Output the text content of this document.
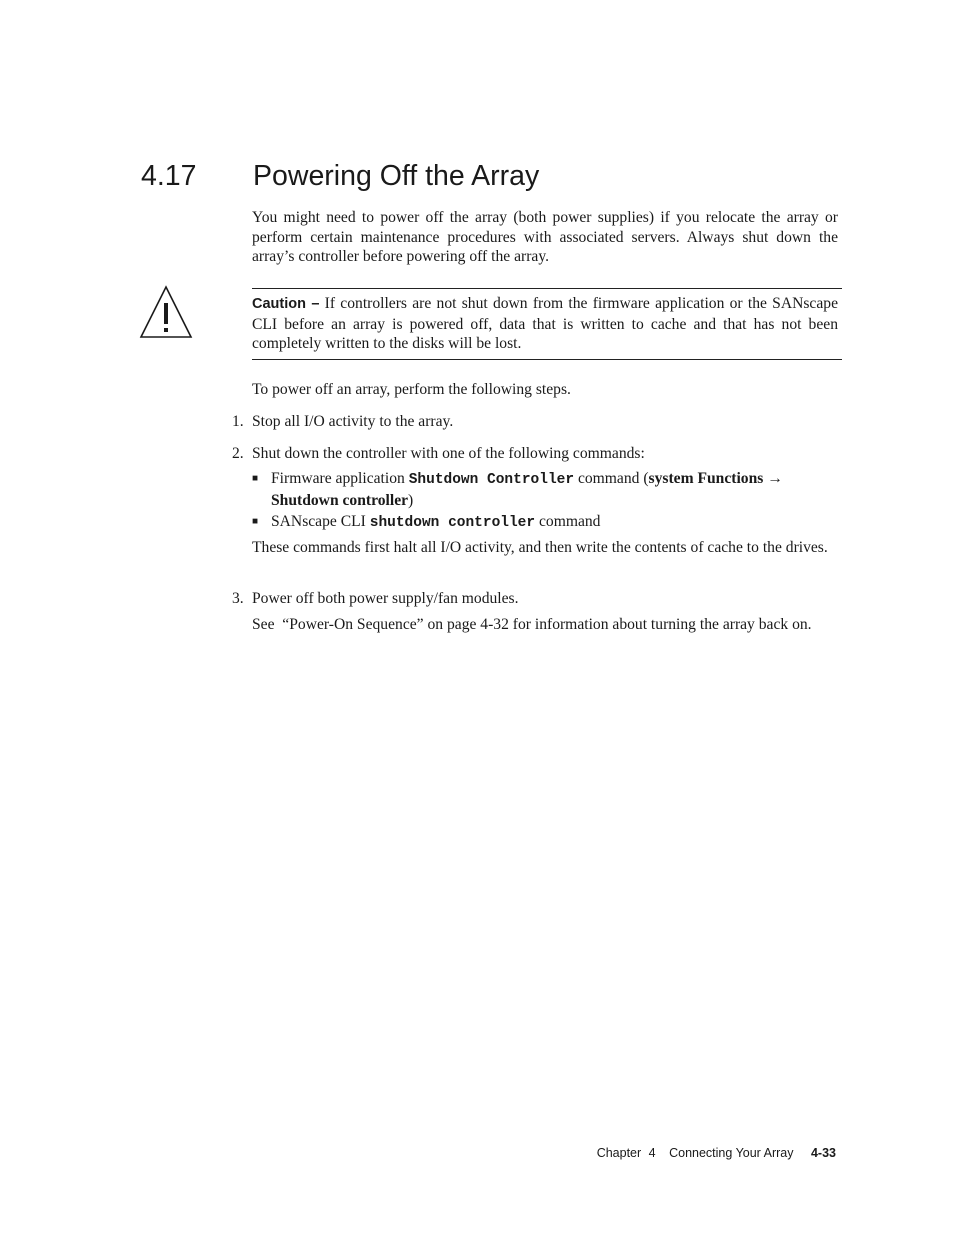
4.17 Powering Off the Array

You might need to power off the array (both power supplies) if you relocate the array or perform certain maintenance procedures with associated servers. Always shut down the array’s controller before powering off the array.

Caution – If controllers are not shut down from the firmware application or the SANscape CLI before an array is powered off, data that is written to cache and that has not been completely written to the disks will be lost.

To power off an array, perform the following steps.

1. Stop all I/O activity to the array.

2. Shut down the controller with one of the following commands:

■ Firmware application Shutdown Controller command (system Functions →
Shutdown controller)

■ SANscape CLI shutdown controller command

These commands first halt all I/O activity, and then write the contents of cache to the drives.

3. Power off both power supply/fan modules.

See  “Power-On Sequence” on page 4-32 for information about turning the array back on.

Chapter 4 Connecting Your Array 4-33
